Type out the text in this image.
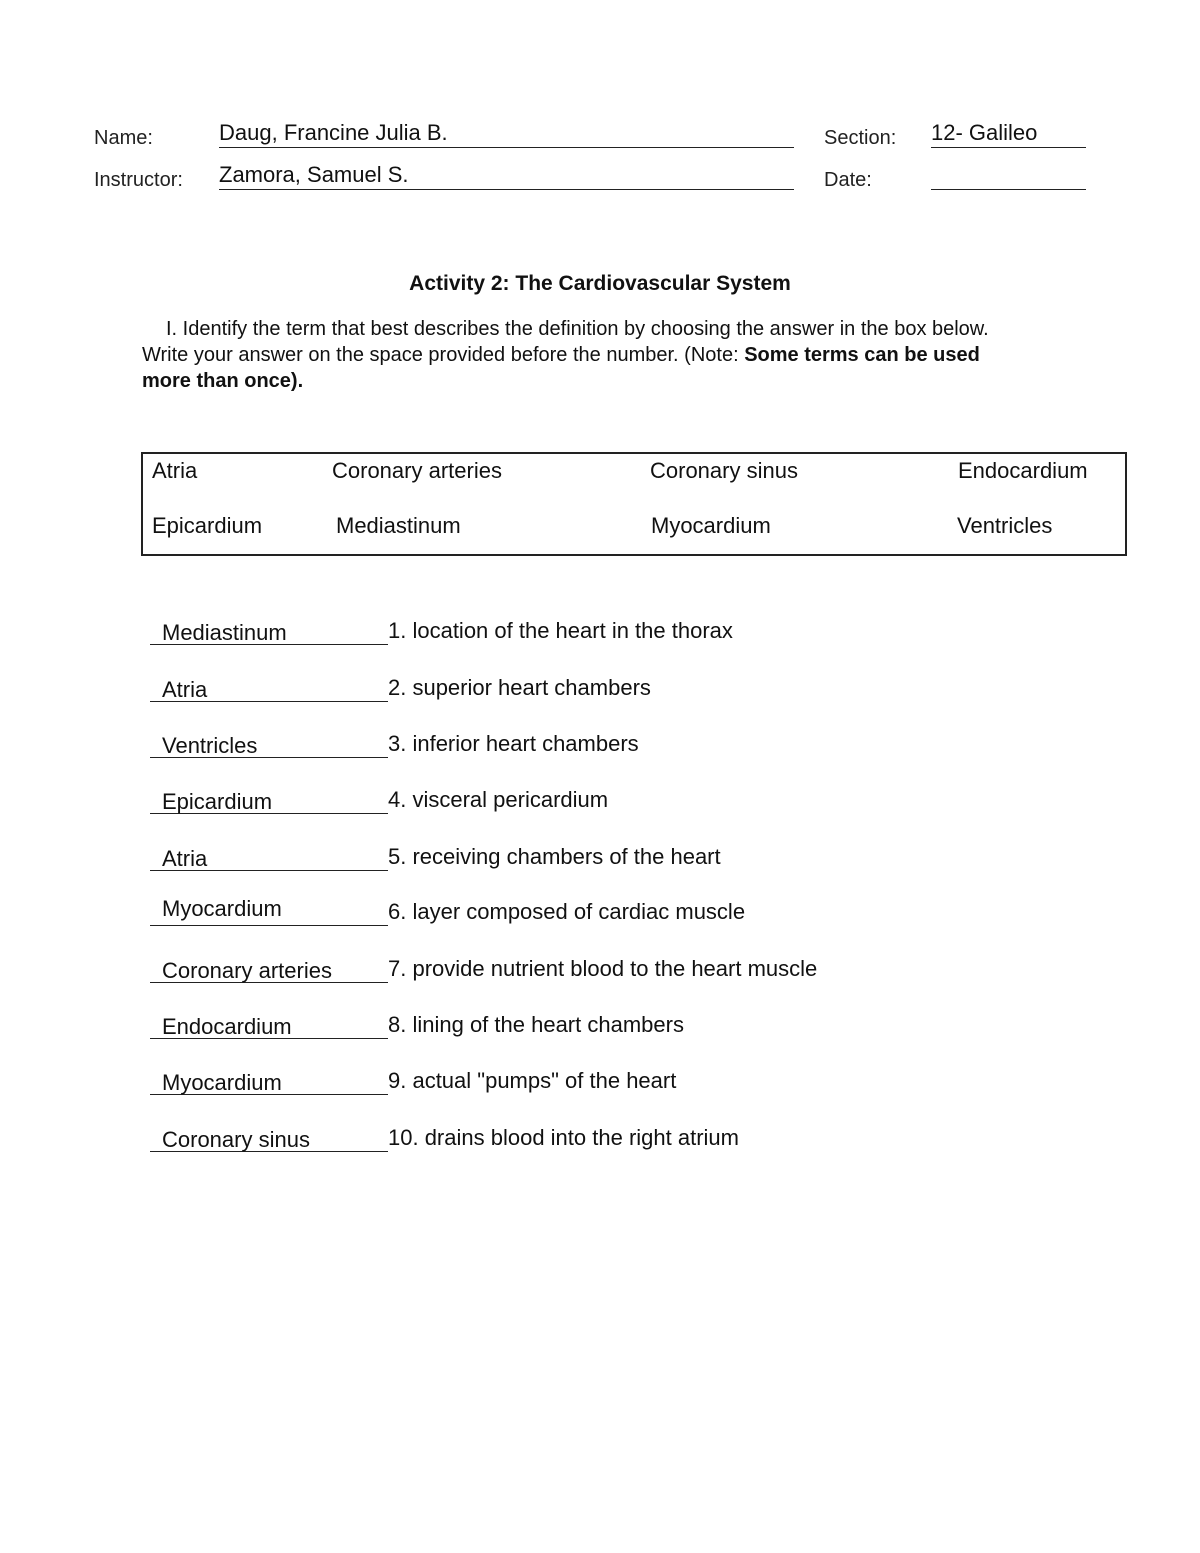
Name:	Daug, Francine Julia B.	Section: 12- Galileo
Instructor: Zamora, Samuel S.	Date:
Activity 2: The Cardiovascular System
I. Identify the term that best describes the definition by choosing the answer in the box below.
Write your answer on the space provided before the number. (Note: Some terms can be used
more than once).
Atria	Coronary arteries	Coronary sinus	Endocardium
Epicardium	Mediastinum	Myocardium	Ventricles
Mediastinum	1. location of the heart in the thorax
Atria	2. superior heart chambers
Ventricles	3. inferior heart chambers
Epicardium	4. visceral pericardium
Atria	5. receiving chambers of the heart
Myocardium	6. layer composed of cardiac muscle
Coronary arteries	7. provide nutrient blood to the heart muscle
Endocardium	8. lining of the heart chambers
Myocardium	9. actual "pumps" of the heart
Coronary sinus	10. drains blood into the right atrium
